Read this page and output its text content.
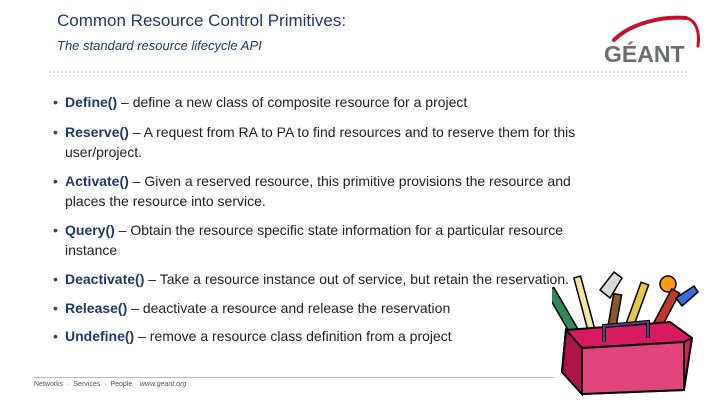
Common Resource Control Primitives:
The standard resource lifecycle API	GÉANT
• Define() – define a new class of composite resource for a project
• Reserve() – A request from RA to PA to find resources and to reserve them for this user/project.
• Activate() – Given a reserved resource, this primitive provisions the resource and places the resource into service.
• Query() – Obtain the resource specific state information for a particular resource instance
• Deactivate() – Take a resource instance out of service, but retain the reservation.
• Release() – deactivate a resource and release the reservation
• Undefine() – remove a resource class definition from a project
Networks · Services · People www.geant.org
